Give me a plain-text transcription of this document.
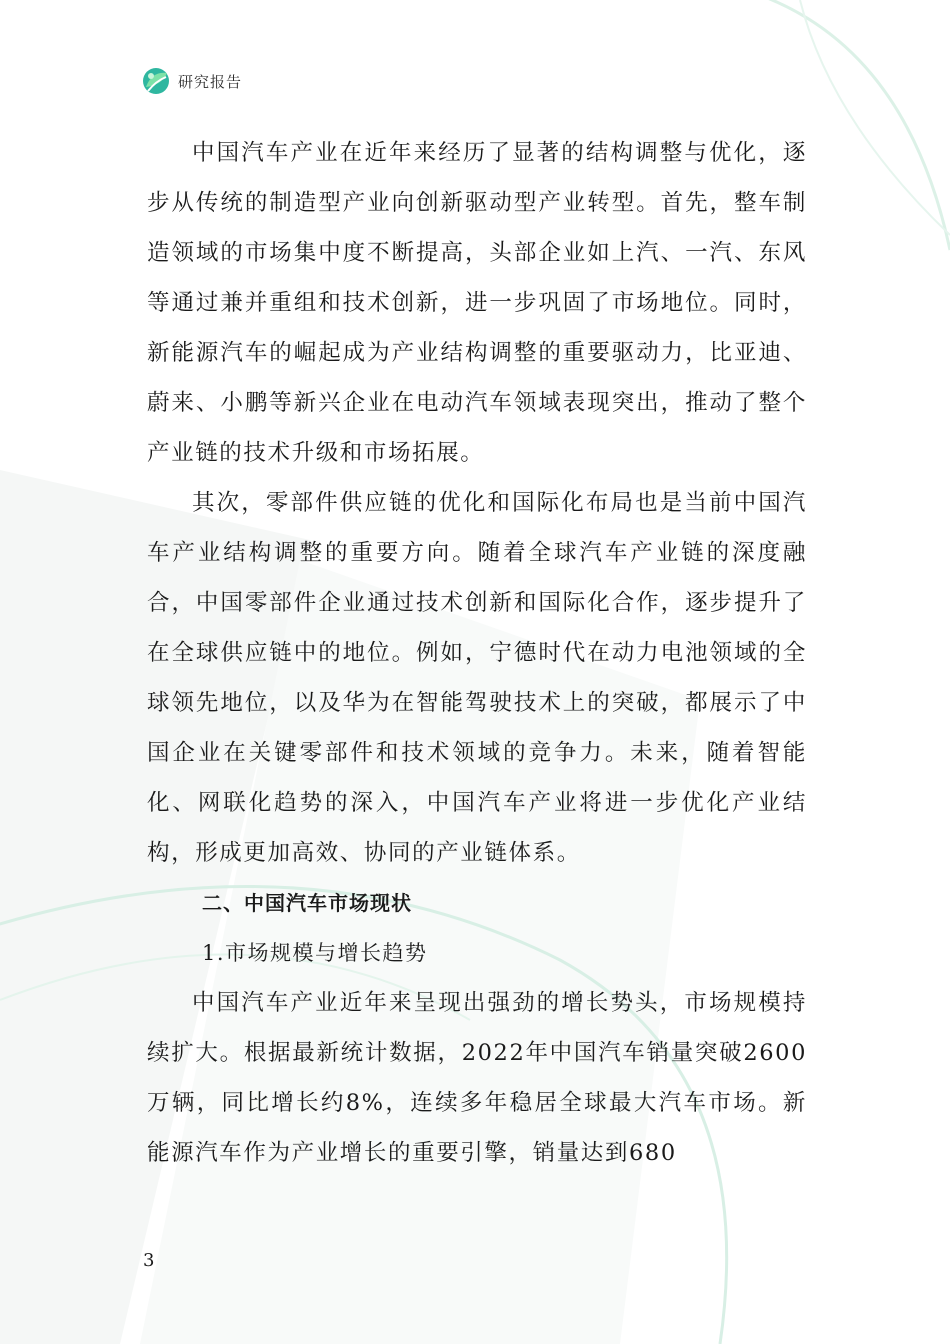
研究报告

中国汽车产业在近年来经历了显著的结构调整与优化，逐步从传统的制造型产业向创新驱动型产业转型。首先，整车制造领域的市场集中度不断提高，头部企业如上汽、一汽、东风等通过兼并重组和技术创新，进一步巩固了市场地位。同时，新能源汽车的崛起成为产业结构调整的重要驱动力，比亚迪、蔚来、小鹏等新兴企业在电动汽车领域表现突出，推动了整个产业链的技术升级和市场拓展。

其次，零部件供应链的优化和国际化布局也是当前中国汽车产业结构调整的重要方向。随着全球汽车产业链的深度融合，中国零部件企业通过技术创新和国际化合作，逐步提升了在全球供应链中的地位。例如，宁德时代在动力电池领域的全球领先地位，以及华为在智能驾驶技术上的突破，都展示了中国企业在关键零部件和技术领域的竞争力。未来，随着智能化、网联化趋势的深入，中国汽车产业将进一步优化产业结构，形成更加高效、协同的产业链体系。

二、中国汽车市场现状

1.市场规模与增长趋势

中国汽车产业近年来呈现出强劲的增长势头，市场规模持续扩大。根据最新统计数据，2022年中国汽车销量突破2600万辆，同比增长约8%，连续多年稳居全球最大汽车市场。新能源汽车作为产业增长的重要引擎，销量达到680

3
